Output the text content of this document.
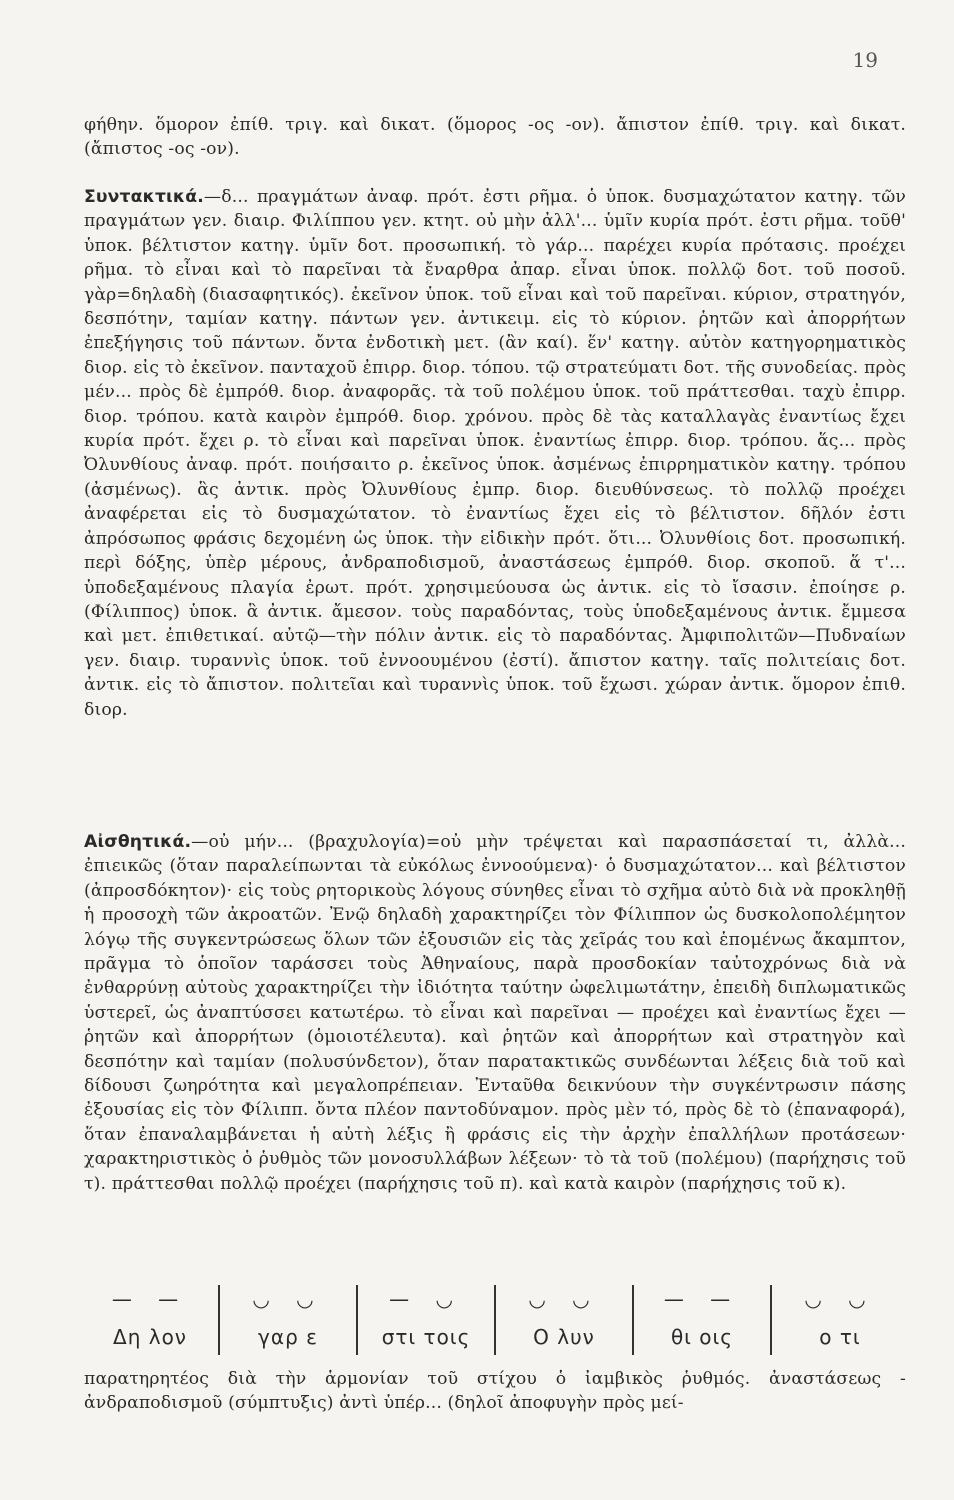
19

φήθην. ὅμορον ἐπίθ. τριγ. καὶ δικατ. (ὅμορος -ος -ον). ἄπιστον ἐπίθ. τριγ. καὶ δικατ. (ἄπιστος -ος -ον).

Συντακτικά.—δ... πραγμάτων ἀναφ. πρότ. ἐστι ρῆμα. ὁ ὑποκ. δυσμαχώτατον κατηγ. τῶν πραγμάτων γεν. διαιρ. Φιλίππου γεν. κτητ. οὐ μὴν ἀλλ'... ὑμῖν κυρία πρότ. ἐστι ρῆμα. τοῦθ' ὑποκ. βέλτιστον κατηγ. ὑμῖν δοτ. προσωπική. τὸ γάρ... παρέχει κυρία πρότασις. προέχει ρῆμα. τὸ εἶναι καὶ τὸ παρεῖναι τὰ ἔναρθρα ἀπαρ. εἶναι ὑποκ. πολλῷ δοτ. τοῦ ποσοῦ. γὰρ=δηλαδὴ (διασαφητικός). ἐκεῖνον ὑποκ. τοῦ εἶναι καὶ τοῦ παρεῖναι. κύριον, στρατηγόν, δεσπότην, ταμίαν κατηγ. πάντων γεν. ἀντικειμ. εἰς τὸ κύριον. ῥητῶν καὶ ἀπορρήτων ἐπεξήγησις τοῦ πάντων. ὄντα ἐνδοτικὴ μετ. (ἂν καί). ἕν' κατηγ. αὐτὸν κατηγορηματικὸς διορ. εἰς τὸ ἐκεῖνον. πανταχοῦ ἐπιρρ. διορ. τόπου. τῷ στρατεύματι δοτ. τῆς συνοδείας. πρὸς μέν... πρὸς δὲ ἐμπρόθ. διορ. ἀναφορᾶς. τὰ τοῦ πολέμου ὑποκ. τοῦ πράττεσθαι. ταχὺ ἐπιρρ. διορ. τρόπου. κατὰ καιρὸν ἐμπρόθ. διορ. χρόνου. πρὸς δὲ τὰς καταλλαγὰς ἐναντίως ἔχει κυρία πρότ. ἔχει ρ. τὸ εἶναι καὶ παρεῖναι ὑποκ. ἐναντίως ἐπιρρ. διορ. τρόπου. ἅς... πρὸς Ὀλυνθίους ἀναφ. πρότ. ποιήσαιτο ρ. ἐκεῖνος ὑποκ. ἀσμένως ἐπιρρηματικὸν κατηγ. τρόπου (ἀσμένως). ἃς ἀντικ. πρὸς Ὀλυνθίους ἐμπρ. διορ. διευθύνσεως. τὸ πολλῷ προέχει ἀναφέρεται εἰς τὸ δυσμαχώτατον. τὸ ἐναντίως ἔχει εἰς τὸ βέλτιστον. δῆλόν ἐστι ἀπρόσωπος φράσις δεχομένη ὡς ὑποκ. τὴν εἰδικὴν πρότ. ὅτι... Ὀλυνθίοις δοτ. προσωπική. περὶ δόξης, ὑπὲρ μέρους, ἀνδραποδισμοῦ, ἀναστάσεως ἐμπρόθ. διορ. σκοποῦ. ἅ τ'... ὑποδεξαμένους πλαγία ἐρωτ. πρότ. χρησιμεύουσα ὡς ἀντικ. εἰς τὸ ἴσασιν. ἐποίησε ρ. (Φίλιππος) ὑποκ. ἃ ἀντικ. ἄμεσον. τοὺς παραδόντας, τοὺς ὑποδεξαμένους ἀντικ. ἔμμεσα καὶ μετ. ἐπιθετικαί. αὐτῷ—τὴν πόλιν ἀντικ. εἰς τὸ παραδόντας. Ἀμφιπολιτῶν—Πυδναίων γεν. διαιρ. τυραννὶς ὑποκ. τοῦ ἐννοουμένου (ἐστί). ἄπιστον κατηγ. ταῖς πολιτείαις δοτ. ἀντικ. εἰς τὸ ἄπιστον. πολιτεῖαι καὶ τυραννὶς ὑποκ. τοῦ ἔχωσι. χώραν ἀντικ. ὅμορον ἐπιθ. διορ.

Αἰσθητικά.—οὐ μήν... (βραχυλογία)=οὐ μὴν τρέψεται καὶ παρασπάσεταί τι, ἀλλὰ... ἐπιεικῶς (ὅταν παραλείπωνται τὰ εὐκόλως ἐννοούμενα)· ὁ δυσμαχώτατον... καὶ βέλτιστον (ἀπροσδόκητον)· εἰς τοὺς ρητορικοὺς λόγους σύνηθες εἶναι τὸ σχῆμα αὐτὸ διὰ νὰ προκληθῇ ἡ προσοχὴ τῶν ἀκροατῶν. Ἐνῷ δηλαδὴ χαρακτηρίζει τὸν Φίλιππον ὡς δυσκολοπολέμητον λόγῳ τῆς συγκεντρώσεως ὅλων τῶν ἐξουσιῶν εἰς τὰς χεῖράς του καὶ ἑπομένως ἄκαμπτον, πρᾶγμα τὸ ὁποῖον ταράσσει τοὺς Ἀθηναίους, παρὰ προσδοκίαν ταὐτοχρόνως διὰ νὰ ἐνθαρρύνῃ αὐτοὺς χαρακτηρίζει τὴν ἰδιότητα ταύτην ὠφελιμωτάτην, ἐπειδὴ διπλωματικῶς ὑστερεῖ, ὡς ἀναπτύσσει κατωτέρω. τὸ εἶναι καὶ παρεῖναι — προέχει καὶ ἐναντίως ἔχει — ῥητῶν καὶ ἀπορρήτων (ὁμοιοτέλευτα). καὶ ῥητῶν καὶ ἀπορρήτων καὶ στρατηγὸν καὶ δεσπότην καὶ ταμίαν (πολυσύνδετον), ὅταν παρατακτικῶς συνδέωνται λέξεις διὰ τοῦ καὶ δίδουσι ζωηρότητα καὶ μεγαλοπρέπειαν. Ἐνταῦθα δεικνύουν τὴν συγκέντρωσιν πάσης ἐξουσίας εἰς τὸν Φίλιππ. ὄντα πλέον παντοδύναμον. πρὸς μὲν τό, πρὸς δὲ τὸ (ἐπαναφορά), ὅταν ἐπαναλαμβάνεται ἡ αὐτὴ λέξις ἢ φράσις εἰς τὴν ἀρχὴν ἐπαλλήλων προτάσεων· χαρακτηριστικὸς ὁ ῥυθμὸς τῶν μονοσυλλάβων λέξεων· τὸ τὰ τοῦ (πολέμου) (παρήχησις τοῦ τ). πράττεσθαι πολλῷ προέχει (παρήχησις τοῦ π). καὶ κατὰ καιρὸν (παρήχησις τοῦ κ).

— —
Δη λον
◡ ◡
γαρ ε
— ◡
στι τοις
◡ ◡
Ο λυν
— —
θι οις
◡ ◡
ο τι

παρατηρητέος διὰ τὴν ἁρμονίαν τοῦ στίχου ὁ ἰαμβικὸς ῥυθμός. ἀναστάσεως - ἀνδραποδισμοῦ (σύμπτυξις) ἀντὶ ὑπέρ... (δηλοῖ ἀποφυγὴν πρὸς μεί-
